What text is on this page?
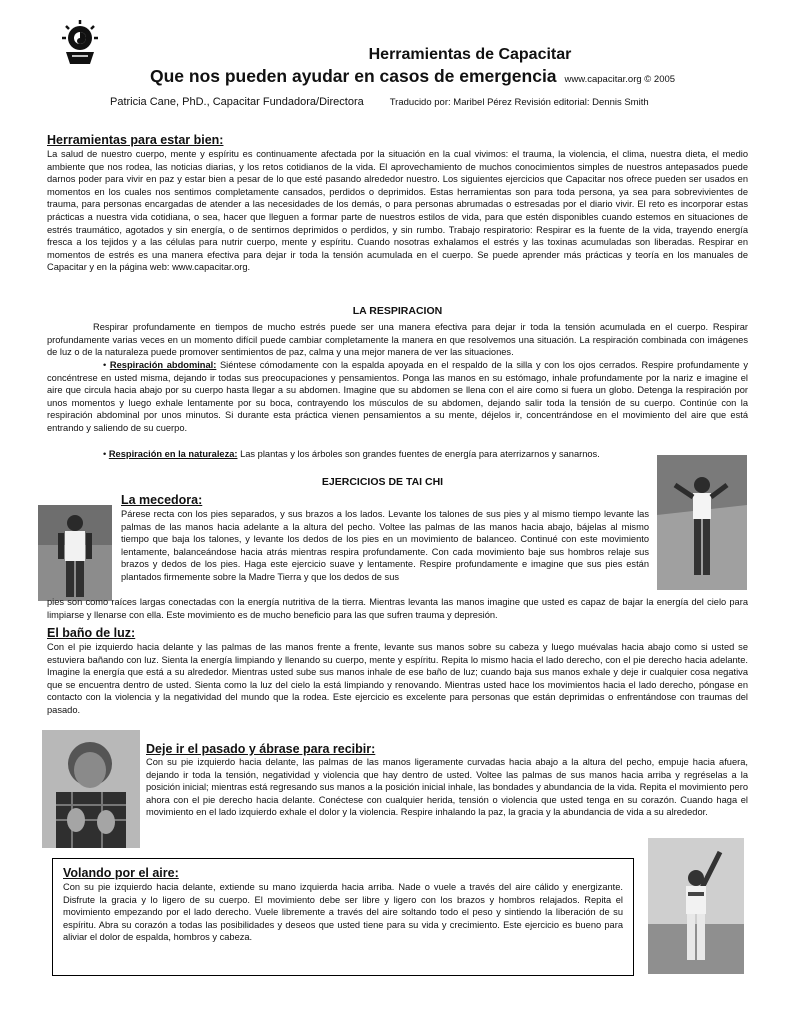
Herramientas de Capacitar
Que nos pueden ayudar en casos de emergencia www.capacitar.org © 2005
Patricia Cane, PhD., Capacitar Fundadora/Directora	Traducido por: Maribel Pérez Revisión editorial: Dennis Smith
Herramientas para estar bien:

La salud de nuestro cuerpo, mente y espíritu es continuamente afectada por la situación en la cual vivimos: el trauma, la violencia, el clima, nuestra dieta, el medio ambiente que nos rodea, las noticias diarias, y los retos cotidianos de la vida. El aprovechamiento de muchos conocimientos simples de nuestros antepasados puede darnos poder para vivir en paz y estar bien a pesar de lo que esté pasando alrededor nuestro. Los siguientes ejercicios que Capacitar nos ofrece pueden ser usados en momentos en los cuales nos sentimos completamente cansados, perdidos o deprimidos. Estas herramientas son para toda persona, ya sea para sobrevivientes de trauma, para personas encargadas de atender a las necesidades de los demás, o para personas abrumadas o estresadas por el diario vivir. El reto es incorporar estas prácticas a nuestra vida cotidiana, o sea, hacer que lleguen a formar parte de nuestros estilos de vida, para que estén disponibles cuando estemos en situaciones de estrés traumático, agotados y sin energía, o de sentirnos deprimidos o perdidos, y sin rumbo. Trabajo respiratorio: Respirar es la fuente de la vida, trayendo energía fresca a los tejidos y a las células para nutrir cuerpo, mente y espíritu. Cuando nosotras exhalamos el estrés y las toxinas acumuladas son liberadas. Respirar en momentos de estrés es una manera efectiva para dejar ir toda la tensión acumulada en el cuerpo. Se puede aprender más prácticas y teoría en los manuales de Capacitar y en la página web: www.capacitar.org.

LA RESPIRACION

Respirar profundamente en tiempos de mucho estrés puede ser una manera efectiva para dejar ir toda la tensión acumulada en el cuerpo. Respirar profundamente varias veces en un momento difícil puede cambiar completamente la manera en que resolvemos una situación. La respiración combinada con imágenes de luz o de la naturaleza puede promover sentimientos de paz, calma y una mejor manera de ver las situaciones.

• Respiración abdominal: Siéntese cómodamente con la espalda apoyada en el respaldo de la silla y con los ojos cerrados. Respire profundamente y concéntrese en usted misma, dejando ir todas sus preocupaciones y pensamientos. Ponga las manos en su estómago, inhale profundamente por la nariz e imagine el aire que circula hacia abajo por su cuerpo hasta llegar a su abdomen. Imagine que su abdomen se llena con el aire como si fuera un globo. Detenga la respiración por unos momentos y luego exhale lentamente por su boca, contrayendo los músculos de su abdomen, dejando salir toda la tensión de su cuerpo. Continúe con la respiración abdominal por unos minutos. Si durante esta práctica vienen pensamientos a su mente, déjelos ir, concentrándose en el movimiento del aire que está entrando y saliendo de su cuerpo.

• Respiración en la naturaleza: Las plantas y los árboles son grandes fuentes de energía para aterrizarnos y sanarnos.

EJERCICIOS DE TAI CHI
La mecedora:

Párese recta con los pies separados, y sus brazos a los lados. Levante los talones de sus pies y al mismo tiempo levante las palmas de las manos hacia adelante a la altura del pecho. Voltee las palmas de las manos hacia abajo, bájelas al mismo tiempo que baja los talones, y levante los dedos de los pies en un movimiento de balanceo. Continué con este movimiento lentamente, balanceándose hacia atrás mientras respira profundamente. Con cada movimiento baje sus hombros relaje sus brazos y dedos de los pies. Haga este ejercicio suave y lentamente. Respire profundamente e imagine que sus pies están plantados firmemente sobre la Madre Tierra y que los dedos de sus

pies son como raíces largas conectadas con la energía nutritiva de la tierra. Mientras levanta las manos imagine que usted es capaz de bajar la energía del cielo para limpiarse y llenarse con ella. Este movimiento es de mucho beneficio para las que sufren trauma y depresión.

El baño de luz:

Con el pie izquierdo hacia delante y las palmas de las manos frente a frente, levante sus manos sobre su cabeza y luego muévalas hacia abajo como si usted se estuviera bañando con luz. Sienta la energía limpiando y llenando su cuerpo, mente y espíritu. Repita lo mismo hacia el lado derecho, con el pie derecho hacia adelante. Imagine la energía que está a su alrededor. Mientras usted sube sus manos inhale de ese baño de luz; cuando baja sus manos exhale y deje ir cualquier cosa negativa que se encuentra dentro de usted. Sienta como la luz del cielo la está limpiando y renovando. Mientras usted hace los movimientos hacia el lado derecho, póngase en contacto con la violencia y la negatividad del mundo que la rodea. Este ejercicio es excelente para personas que están deprimidas o enfrentándose con traumas del pasado.

Deje ir el pasado y ábrase para recibir:

Con su pie izquierdo hacia delante, las palmas de las manos ligeramente curvadas hacia abajo a la altura del pecho, empuje hacia afuera, dejando ir toda la tensión, negatividad y violencia que hay dentro de usted. Voltee las palmas de sus manos hacia arriba y regréselas a la posición inicial; mientras está regresando sus manos a la posición inicial inhale, las bondades y abundancia de la vida. Repita el movimiento pero ahora con el pie derecho hacia delante. Conéctese con cualquier herida, tensión o violencia que usted tenga en su corazón. Cuando haga el movimiento en el lado izquierdo exhale el dolor y la violencia. Respire inhalando la paz, la gracia y la abundancia de vida a su alrededor.

Volando por el aire:

Con su pie izquierdo hacia delante, extiende su mano izquierda hacia arriba. Nade o vuele a través del aire cálido y energizante. Disfrute la gracia y lo ligero de su cuerpo. El movimiento debe ser libre y ligero con los brazos y hombros relajados. Repita el movimiento empezando por el lado derecho. Vuele libremente a través del aire soltando todo el peso y sintiendo la liberación de su espíritu. Abra su corazón a todas las posibilidades y deseos que usted tiene para su vida y crecimiento. Este ejercicio es bueno para aliviar el dolor de espalda, hombros y cabeza.
